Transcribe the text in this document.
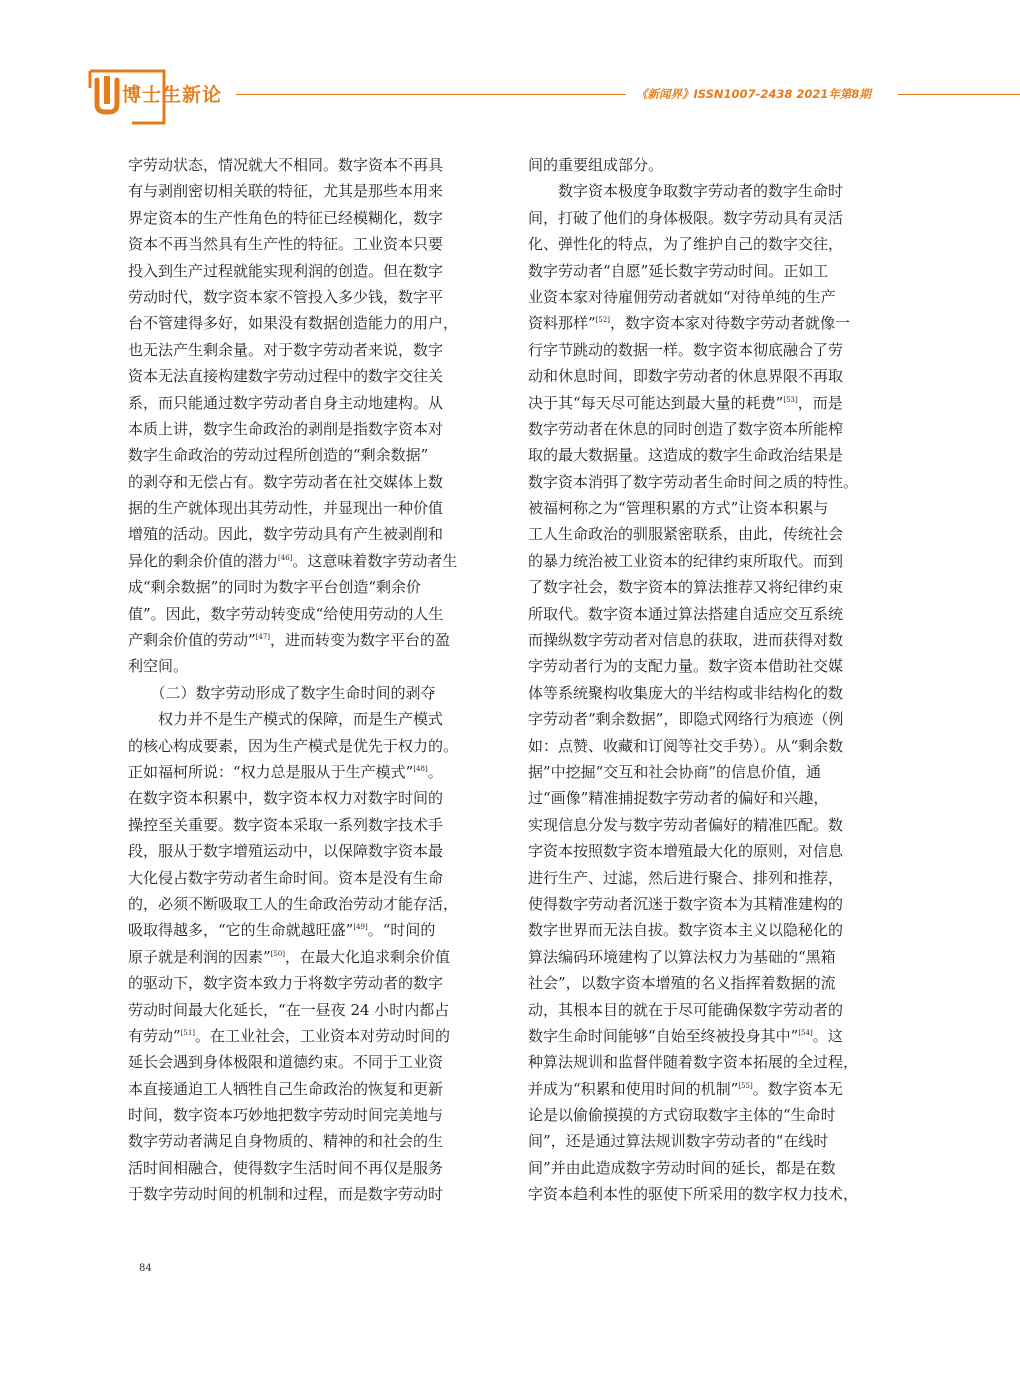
博士生新论	《新闻界》ISSN1007-2438 2021年第8期
字劳动状态，情况就大不相同。数字资本不再具
有与剥削密切相关联的特征，尤其是那些本用来
界定资本的生产性角色的特征已经模糊化，数字
资本不再当然具有生产性的特征。工业资本只要
投入到生产过程就能实现利润的创造。但在数字
劳动时代，数字资本家不管投入多少钱，数字平
台不管建得多好，如果没有数据创造能力的用户，
也无法产生剩余量。对于数字劳动者来说，数字
资本无法直接构建数字劳动过程中的数字交往关
系，而只能通过数字劳动者自身主动地建构。从
本质上讲，数字生命政治的剥削是指数字资本对
数字生命政治的劳动过程所创造的“剩余数据”
的剥夺和无偿占有。数字劳动者在社交媒体上数
据的生产就体现出其劳动性，并显现出一种价值
增殖的活动。因此，数字劳动具有产生被剥削和
异化的剩余价值的潜力[46]。这意味着数字劳动者生
成“剩余数据”的同时为数字平台创造“剩余价
值”。因此，数字劳动转变成“给使用劳动的人生
产剩余价值的劳动”[47]，进而转变为数字平台的盈
利空间。
　　（二）数字劳动形成了数字生命时间的剥夺
　　权力并不是生产模式的保障，而是生产模式
的核心构成要素，因为生产模式是优先于权力的。
正如福柯所说：“权力总是服从于生产模式”[48]。
在数字资本积累中，数字资本权力对数字时间的
操控至关重要。数字资本采取一系列数字技术手
段，服从于数字增殖运动中，以保障数字资本最
大化侵占数字劳动者生命时间。资本是没有生命
的，必须不断吸取工人的生命政治劳动才能存活，
吸取得越多，“它的生命就越旺盛”[49]。“时间的
原子就是利润的因素”[50]，在最大化追求剩余价值
的驱动下，数字资本致力于将数字劳动者的数字
劳动时间最大化延长，“在一昼夜 24 小时内都占
有劳动”[51]。在工业社会，工业资本对劳动时间的
延长会遇到身体极限和道德约束。不同于工业资
本直接通迫工人牺牲自己生命政治的恢复和更新
时间，数字资本巧妙地把数字劳动时间完美地与
数字劳动者满足自身物质的、精神的和社会的生
活时间相融合，使得数字生活时间不再仅是服务
于数字劳动时间的机制和过程，而是数字劳动时
间的重要组成部分。
　　数字资本极度争取数字劳动者的数字生命时
间，打破了他们的身体极限。数字劳动具有灵活
化、弹性化的特点，为了维护自己的数字交往，
数字劳动者“自愿”延长数字劳动时间。正如工
业资本家对待雇佣劳动者就如“对待单纯的生产
资料那样”[52]，数字资本家对待数字劳动者就像一
行字节跳动的数据一样。数字资本彻底融合了劳
动和休息时间，即数字劳动者的休息界限不再取
决于其“每天尽可能达到最大量的耗费”[53]，而是
数字劳动者在休息的同时创造了数字资本所能榨
取的最大数据量。这造成的数字生命政治结果是
数字资本消弭了数字劳动者生命时间之质的特性。
被福柯称之为“管理积累的方式”让资本积累与
工人生命政治的驯服紧密联系，由此，传统社会
的暴力统治被工业资本的纪律约束所取代。而到
了数字社会，数字资本的算法推荐又将纪律约束
所取代。数字资本通过算法搭建自适应交互系统
而操纵数字劳动者对信息的获取，进而获得对数
字劳动者行为的支配力量。数字资本借助社交媒
体等系统聚构收集庞大的半结构或非结构化的数
字劳动者“剩余数据”，即隐式网络行为痕迹（例
如：点赞、收藏和订阅等社交手势）。从“剩余数
据”中挖掘“交互和社会协商”的信息价值，通
过“画像”精准捕捉数字劳动者的偏好和兴趣，
实现信息分发与数字劳动者偏好的精准匹配。数
字资本按照数字资本增殖最大化的原则，对信息
进行生产、过滤，然后进行聚合、排列和推荐，
使得数字劳动者沉迷于数字资本为其精准建构的
数字世界而无法自拔。数字资本主义以隐秘化的
算法编码环境建构了以算法权力为基础的“黑箱
社会”，以数字资本增殖的名义指挥着数据的流
动，其根本目的就在于尽可能确保数字劳动者的
数字生命时间能够“自始至终被投身其中”[54]。这
种算法规训和监督伴随着数字资本拓展的全过程，
并成为“积累和使用时间的机制”[55]。数字资本无
论是以偷偷摸摸的方式窃取数字主体的“生命时
间”，还是通过算法规训数字劳动者的“在线时
间”并由此造成数字劳动时间的延长，都是在数
字资本趋利本性的驱使下所采用的数字权力技术，
84
